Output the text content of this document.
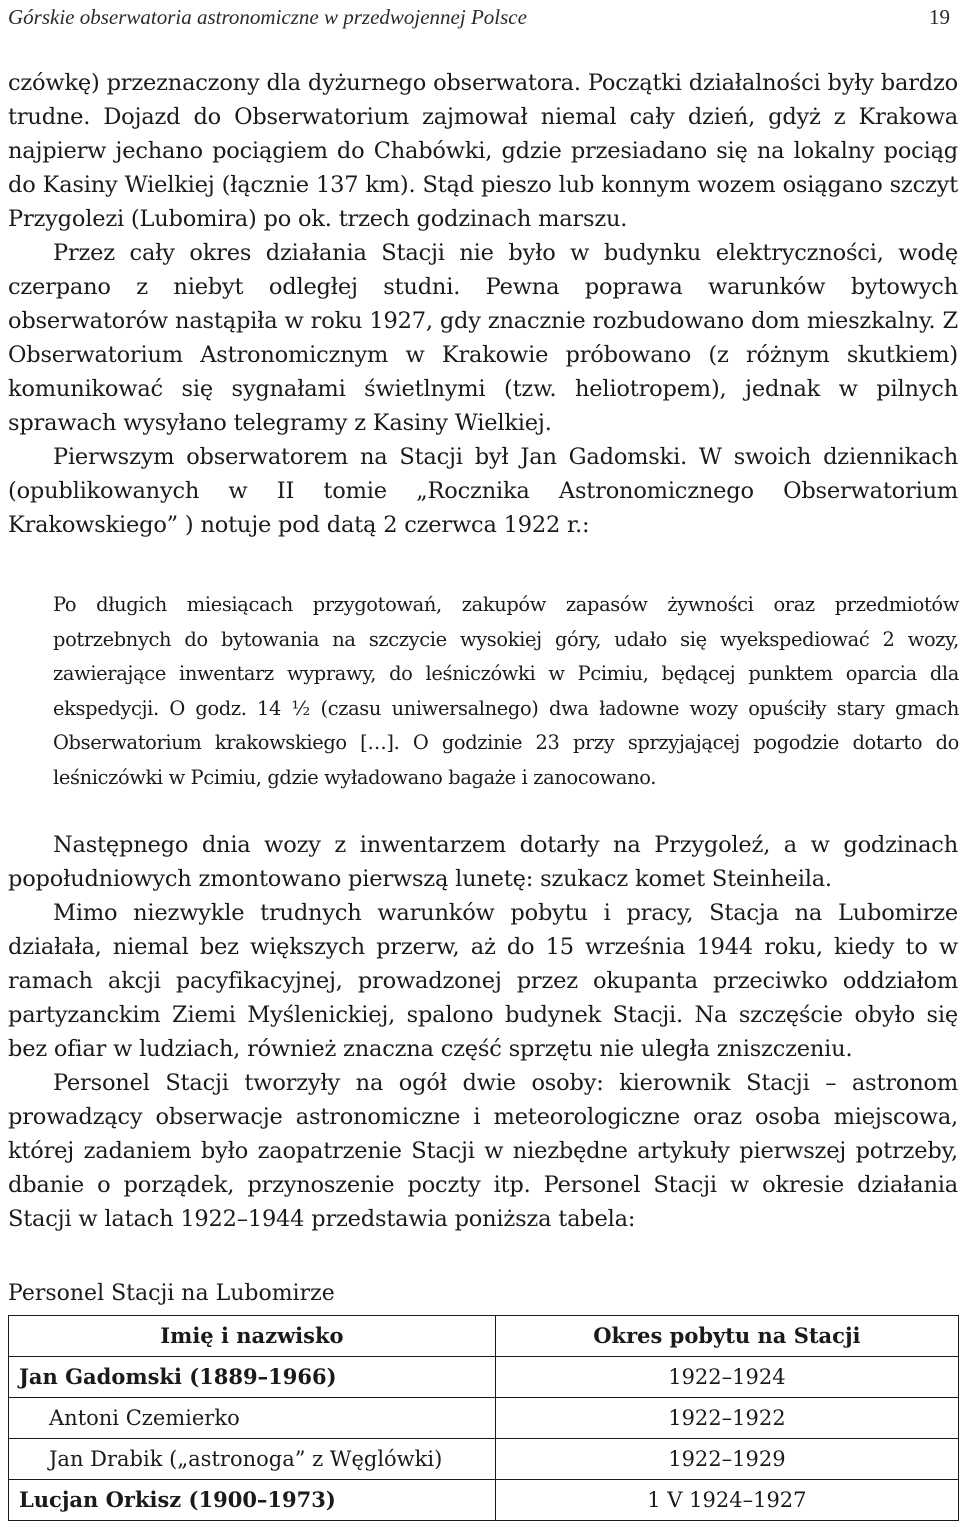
Górskie obserwatoria astronomiczne w przedwojennej Polsce	19

czówkę) przeznaczony dla dyżurnego obserwatora. Początki działalności były bardzo trudne. Dojazd do Obserwatorium zajmował niemal cały dzień, gdyż z Krakowa najpierw jechano pociągiem do Chabówki, gdzie przesiadano się na lokalny pociąg do Kasiny Wielkiej (łącznie 137 km). Stąd pieszo lub konnym wozem osiągano szczyt Przygolezi (Lubomira) po ok. trzech godzinach marszu.

Przez cały okres działania Stacji nie było w budynku elektryczności, wodę czerpano z niebyt odległej studni. Pewna poprawa warunków bytowych obserwatorów nastąpiła w roku 1927, gdy znacznie rozbudowano dom mieszkalny. Z Obserwatorium Astronomicznym w Krakowie próbowano (z różnym skutkiem) komunikować się sygnałami świetlnymi (tzw. heliotropem), jednak w pilnych sprawach wysyłano telegramy z Kasiny Wielkiej.

Pierwszym obserwatorem na Stacji był Jan Gadomski. W swoich dziennikach (opublikowanych w II tomie „Rocznika Astronomicznego Obserwatorium Krakowskiego” ) notuje pod datą 2 czerwca 1922 r.:

Po długich miesiącach przygotowań, zakupów zapasów żywności oraz przedmiotów potrzebnych do bytowania na szczycie wysokiej góry, udało się wyekspediować 2 wozy, zawierające inwentarz wyprawy, do leśniczówki w Pcimiu, będącej punktem oparcia dla ekspedycji. O godz. 14 ½ (czasu uniwersalnego) dwa ładowne wozy opuściły stary gmach Obserwatorium krakowskiego […]. O godzinie 23 przy sprzyjającej pogodzie dotarto do leśniczówki w Pcimiu, gdzie wyładowano bagaże i zanocowano.

Następnego dnia wozy z inwentarzem dotarły na Przygoleź, a w godzinach popołudniowych zmontowano pierwszą lunetę: szukacz komet Steinheila.

Mimo niezwykle trudnych warunków pobytu i pracy, Stacja na Lubomirze działała, niemal bez większych przerw, aż do 15 września 1944 roku, kiedy to w ramach akcji pacyfikacyjnej, prowadzonej przez okupanta przeciwko oddziałom partyzanckim Ziemi Myślenickiej, spalono budynek Stacji. Na szczęście obyło się bez ofiar w ludziach, również znaczna część sprzętu nie uległa zniszczeniu.

Personel Stacji tworzyły na ogół dwie osoby: kierownik Stacji – astronom prowadzący obserwacje astronomiczne i meteorologiczne oraz osoba miejscowa, której zadaniem było zaopatrzenie Stacji w niezbędne artykuły pierwszej potrzeby, dbanie o porządek, przynoszenie poczty itp. Personel Stacji w okresie działania Stacji w latach 1922–1944 przedstawia poniższa tabela:

Personel Stacji na Lubomirze
Imię i nazwisko	Okres pobytu na Stacji
Jan Gadomski (1889–1966)	1922–1924
Antoni Czemierko	1922–1922
Jan Drabik („astronoga” z Węglówki)	1922–1929
Lucjan Orkisz (1900–1973)	1 V 1924–1927
